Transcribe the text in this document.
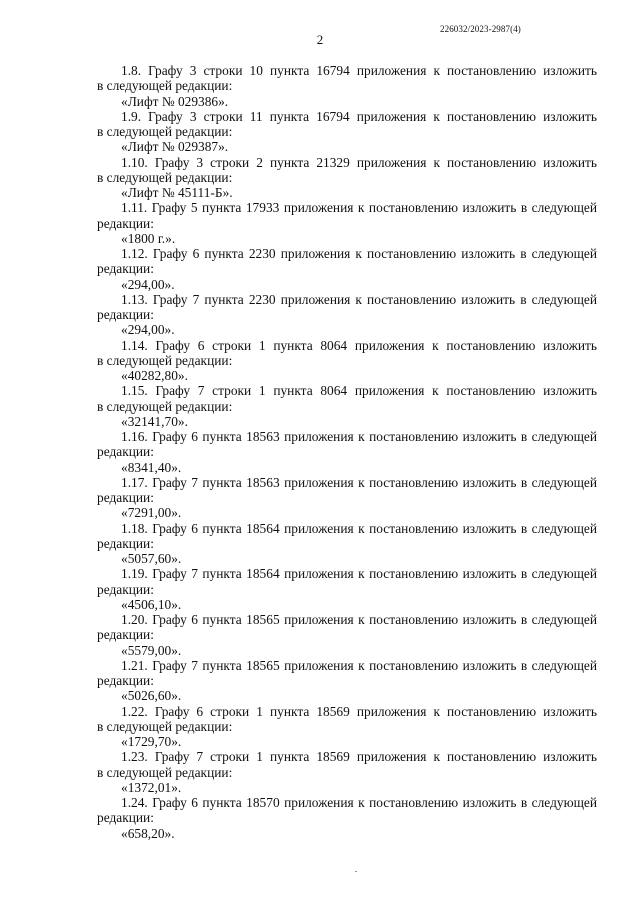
226032/2023-2987(4)
2
1.8. Графу 3 строки 10 пункта 16794 приложения к постановлению изложить
в следующей редакции:
«Лифт № 029386».
1.9. Графу 3 строки 11 пункта 16794 приложения к постановлению изложить
в следующей редакции:
«Лифт № 029387».
1.10. Графу 3 строки 2 пункта 21329 приложения к постановлению изложить
в следующей редакции:
«Лифт № 45111-Б».
1.11. Графу 5 пункта 17933 приложения к постановлению изложить в следующей
редакции:
«1800 г.».
1.12. Графу 6 пункта 2230 приложения к постановлению изложить в следующей
редакции:
«294,00».
1.13. Графу 7 пункта 2230 приложения к постановлению изложить в следующей
редакции:
«294,00».
1.14. Графу 6 строки 1 пункта 8064 приложения к постановлению изложить
в следующей редакции:
«40282,80».
1.15. Графу 7 строки 1 пункта 8064 приложения к постановлению изложить
в следующей редакции:
«32141,70».
1.16. Графу 6 пункта 18563 приложения к постановлению изложить в следующей
редакции:
«8341,40».
1.17. Графу 7 пункта 18563 приложения к постановлению изложить в следующей
редакции:
«7291,00».
1.18. Графу 6 пункта 18564 приложения к постановлению изложить в следующей
редакции:
«5057,60».
1.19. Графу 7 пункта 18564 приложения к постановлению изложить в следующей
редакции:
«4506,10».
1.20. Графу 6 пункта 18565 приложения к постановлению изложить в следующей
редакции:
«5579,00».
1.21. Графу 7 пункта 18565 приложения к постановлению изложить в следующей
редакции:
«5026,60».
1.22. Графу 6 строки 1 пункта 18569 приложения к постановлению изложить
в следующей редакции:
«1729,70».
1.23. Графу 7 строки 1 пункта 18569 приложения к постановлению изложить
в следующей редакции:
«1372,01».
1.24. Графу 6 пункта 18570 приложения к постановлению изложить в следующей
редакции:
«658,20».
